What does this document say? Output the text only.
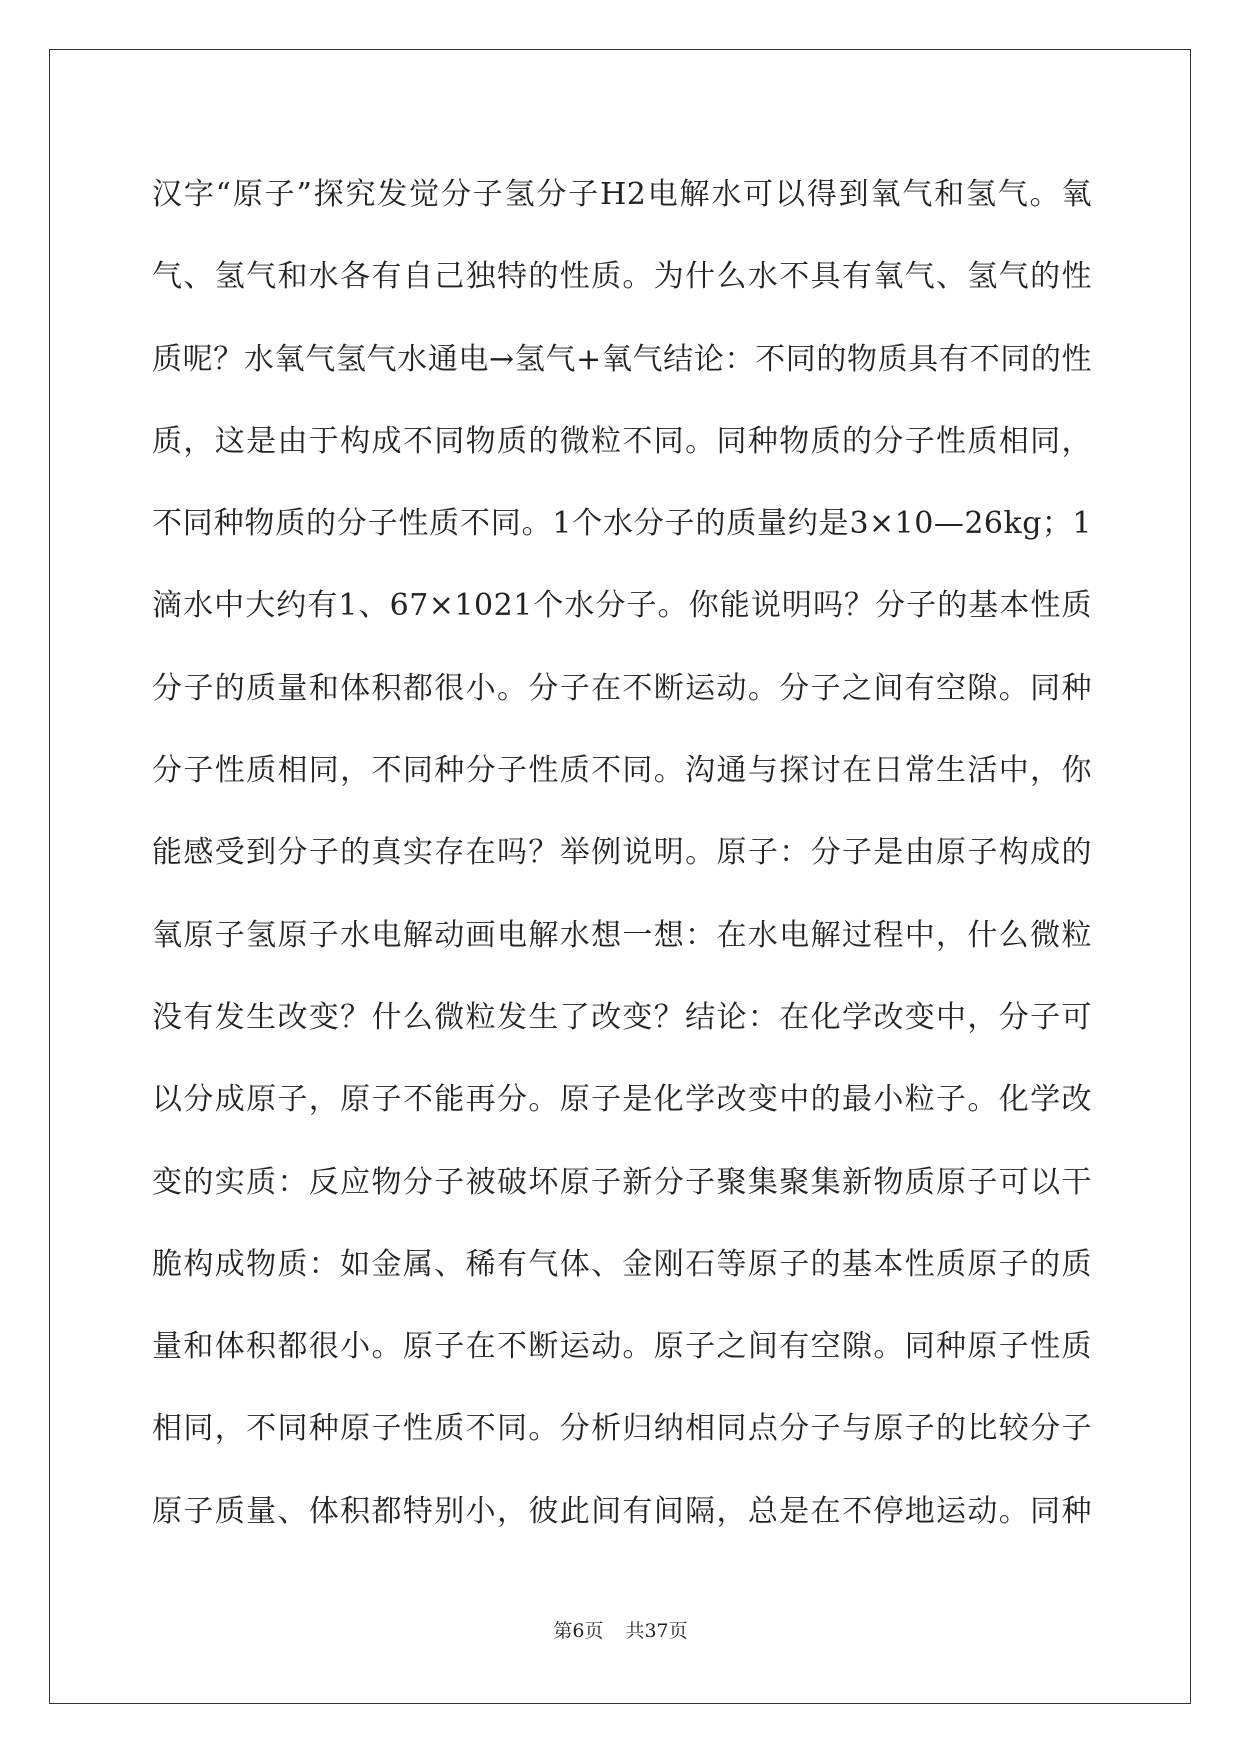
汉字“原子”探究发觉分子氢分子H2电解水可以得到氧气和氢气。氧
气、氢气和水各有自己独特的性质。为什么水不具有氧气、氢气的性
质呢？水氧气氢气水通电→氢气+氧气结论：不同的物质具有不同的性
质，这是由于构成不同物质的微粒不同。同种物质的分子性质相同，
不同种物质的分子性质不同。1个水分子的质量约是3×10—26kg；1
滴水中大约有1、67×1021个水分子。你能说明吗？分子的基本性质
分子的质量和体积都很小。分子在不断运动。分子之间有空隙。同种
分子性质相同，不同种分子性质不同。沟通与探讨在日常生活中，你
能感受到分子的真实存在吗？举例说明。原子：分子是由原子构成的
氧原子氢原子水电解动画电解水想一想：在水电解过程中，什么微粒
没有发生改变？什么微粒发生了改变？结论：在化学改变中，分子可
以分成原子，原子不能再分。原子是化学改变中的最小粒子。化学改
变的实质：反应物分子被破坏原子新分子聚集聚集新物质原子可以干
脆构成物质：如金属、稀有气体、金刚石等原子的基本性质原子的质
量和体积都很小。原子在不断运动。原子之间有空隙。同种原子性质
相同，不同种原子性质不同。分析归纳相同点分子与原子的比较分子
原子质量、体积都特别小，彼此间有间隔，总是在不停地运动。同种
第6页 共37页
